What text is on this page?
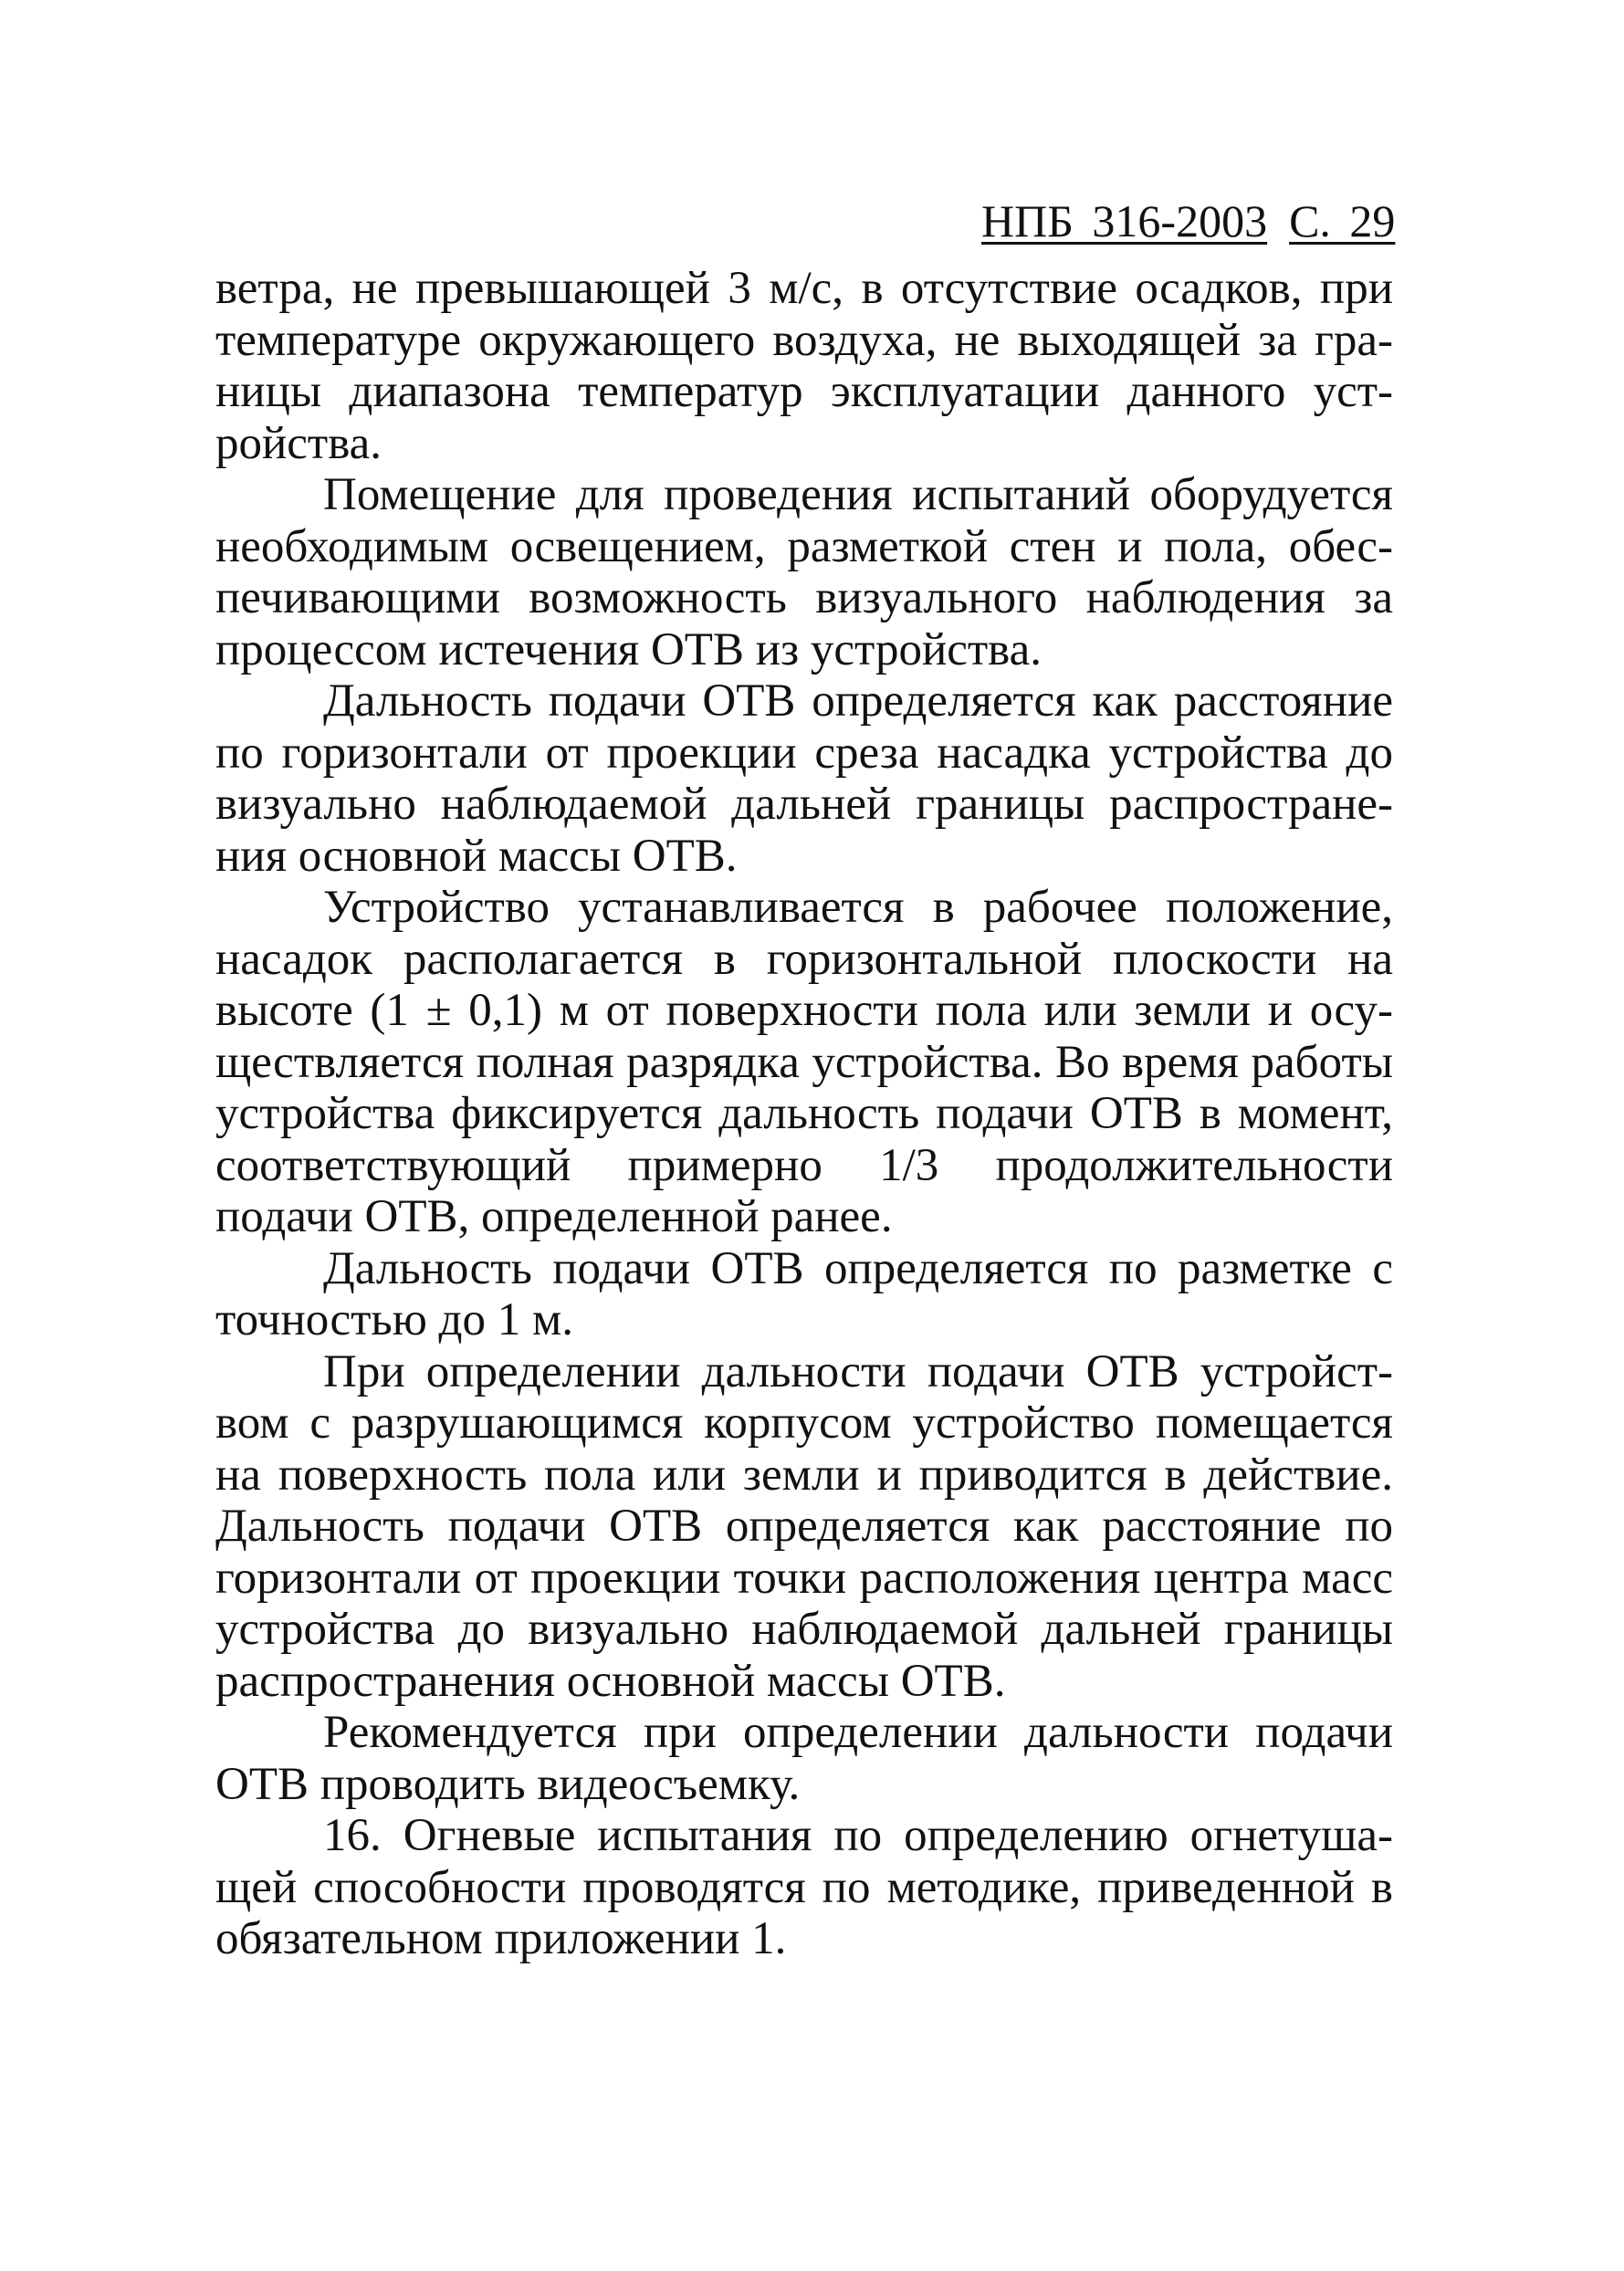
НПБ 316-2003 С. 29

ветра, не превышающей 3 м/с, в отсутствие осадков, при температуре окружающего воздуха, не выходящей за границы диапазона температур эксплуатации данного устройства.

Помещение для проведения испытаний оборудуется необходимым освещением, разметкой стен и пола, обеспечивающими возможность визуального наблюдения за процессом истечения ОТВ из устройства.

Дальность подачи ОТВ определяется как расстояние по горизонтали от проекции среза насадка устройства до визуально наблюдаемой дальней границы распространения основной массы ОТВ.

Устройство устанавливается в рабочее положение, насадок располагается в горизонтальной плоскости на высоте (1 ± 0,1) м от поверхности пола или земли и осуществляется полная разрядка устройства. Во время работы устройства фиксируется дальность подачи ОТВ в момент, соответствующий примерно 1/3 продолжительности подачи ОТВ, определенной ранее.

Дальность подачи ОТВ определяется по разметке с точностью до 1 м.

При определении дальности подачи ОТВ устройством с разрушающимся корпусом устройство помещается на поверхность пола или земли и приводится в действие. Дальность подачи ОТВ определяется как расстояние по горизонтали от проекции точки расположения центра масс устройства до визуально наблюдаемой дальней границы распространения основной массы ОТВ.

Рекомендуется при определении дальности подачи ОТВ проводить видеосъемку.

16. Огневые испытания по определению огнетушащей способности проводятся по методике, приведенной в обязательном приложении 1.
